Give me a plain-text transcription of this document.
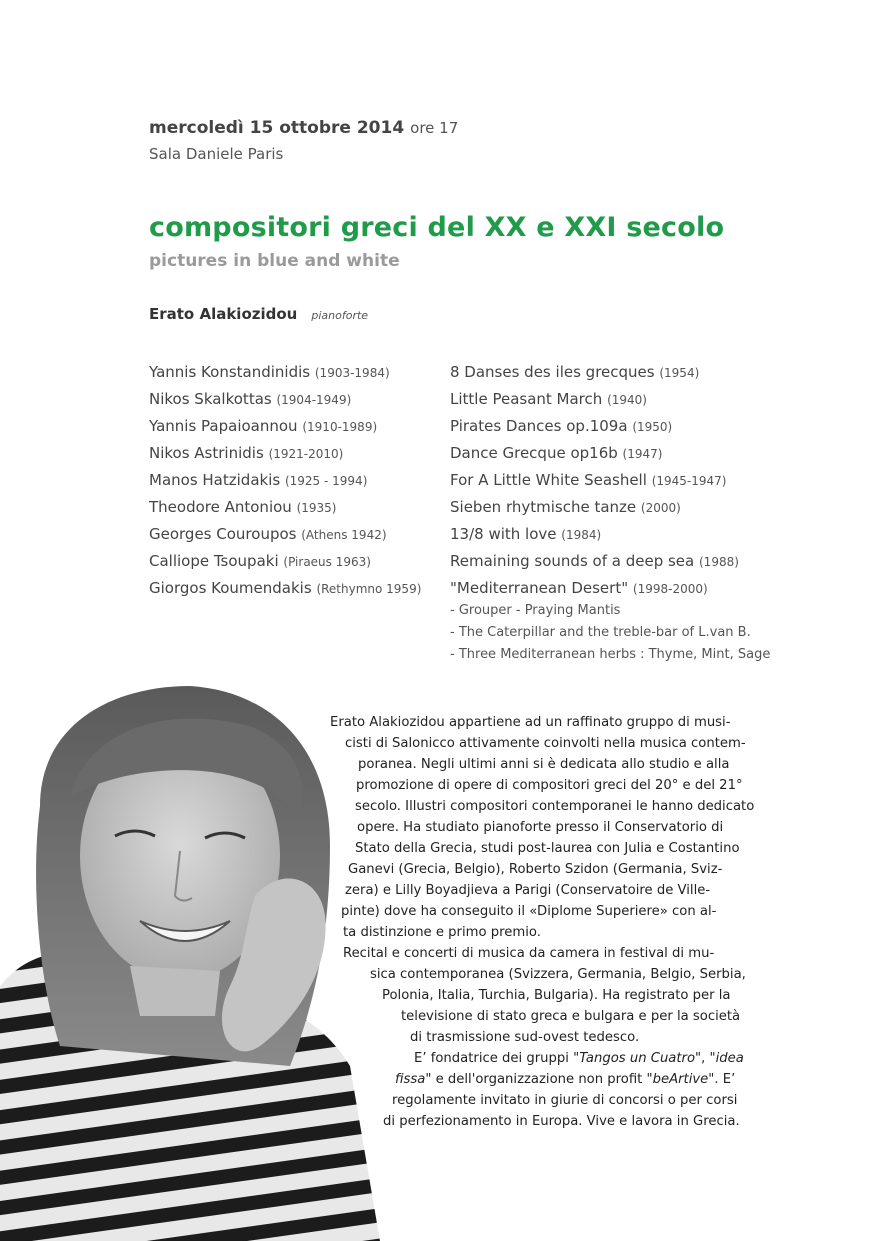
mercoledì 15 ottobre 2014 ore 17
Sala Daniele Paris
compositori greci del XX e XXI secolo
pictures in blue and white
Erato Alakiozidou pianoforte
Yannis Konstandinidis (1903-1984)	8 Danses des iles grecques (1954)
Nikos Skalkottas (1904-1949)	Little Peasant March (1940)
Yannis Papaioannou (1910-1989)	Pirates Dances op.109a (1950)
Nikos Astrinidis (1921-2010)	Dance Grecque op16b (1947)
Manos Hatzidakis (1925 - 1994)	For A Little White Seashell (1945-1947)
Theodore Antoniou (1935)	Sieben rhytmische tanze (2000)
Georges Couroupos (Athens 1942)	13/8 with love (1984)
Calliope Tsoupaki (Piraeus 1963)	Remaining sounds of a deep sea (1988)
Giorgos Koumendakis (Rethymno 1959) "Mediterranean Desert" (1998-2000)
- Grouper - Praying Mantis
- The Caterpillar and the treble-bar of L.van B.
- Three Mediterranean herbs : Thyme, Mint, Sage
Erato Alakiozidou appartiene ad un raffinato gruppo di musi-
cisti di Salonicco attivamente coinvolti nella musica contem-
poranea. Negli ultimi anni si è dedicata allo studio e alla
promozione di opere di compositori greci del 20° e del 21°
secolo. Illustri compositori contemporanei le hanno dedicato
opere. Ha studiato pianoforte presso il Conservatorio di
Stato della Grecia, studi post-laurea con Julia e Costantino
Ganevi (Grecia, Belgio), Roberto Szidon (Germania, Sviz-
zera) e Lilly Boyadjieva a Parigi (Conservatoire de Ville-
pinte) dove ha conseguito il «Diplome Superiere» con al-
ta distinzione e primo premio.
Recital e concerti di musica da camera in festival di mu-
sica contemporanea (Svizzera, Germania, Belgio, Serbia,
Polonia, Italia, Turchia, Bulgaria). Ha registrato per la
televisione di stato greca e bulgara e per la società
di trasmissione sud-ovest tedesco.
E’ fondatrice dei gruppi "Tangos un Cuatro", "idea
fissa" e dell'organizzazione non profit "beArtive". E’
regolamente invitato in giurie di concorsi o per corsi
di perfezionamento in Europa. Vive e lavora in Grecia.
